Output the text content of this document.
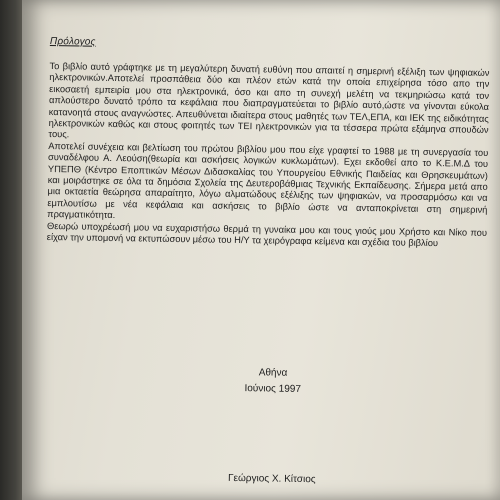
Πρόλογος

Το βιβλίο αυτό γράφτηκε με τη μεγαλύτερη δυνατή ευθύνη που απαιτεί η σημερινή εξέλιξη των ψηφιακών ηλεκτρονικών.Αποτελεί προσπάθεια δύο και πλέον ετών κατά την οποία επιχείρησα τόσο απο την εικοσαετή εμπειρία μου στα ηλεκτρονικά, όσο και απο τη συνεχή μελέτη να τεκμηριώσω κατά τον απλούστερο δυνατό τρόπο τα κεφάλαια που διαπραγματεύεται το βιβλίο αυτό,ώστε να γίνονται εύκολα κατανοητά στους αναγνώστες. Απευθύνεται ιδιαίτερα στους μαθητές των ΤΕΛ,ΕΠΑ, και ΙΕΚ της ειδικότητας ηλεκτρονικών καθώς και στους φοιτητές των ΤΕΙ ηλεκτρονικών για τα τέσσερα πρώτα εξάμηνα σπουδών τους.

Αποτελεί συνέχεια και βελτίωση του πρώτου βιβλίου μου που είχε γραφτεί το 1988 με τη συνεργασία του συναδέλφου Α. Λεούση(θεωρία και ασκήσεις λογικών κυκλωμάτων). Εχει εκδοθεί απο το Κ.Ε.Μ.Δ του ΥΠΕΠΘ (Κέντρο Εποπτικών Μέσων Διδασκαλίας του Υπουργείου Εθνικής Παιδείας και Θρησκευμάτων) και μοιράστηκε σε όλα τα δημόσια Σχολεία της Δευτεροβάθμιας Τεχνικής Εκπαίδευσης. Σήμερα μετά απο μια οκταετία θεώρησα απαραίτητο, λόγω αλματώδους εξέλιξης των ψηφιακών, να προσαρμόσω και να εμπλουτίσω με νέα κεφάλαια και ασκήσεις το βιβλίο ώστε να ανταποκρίνεται στη σημερινή πραγματικότητα.

Θεωρώ υποχρέωσή μου να ευχαριστήσω θερμά τη γυναίκα μου και τους γιούς μου Χρήστο και Νίκο που είχαν την υπομονή να εκτυπώσουν μέσω του Η/Υ τα χειρόγραφα κείμενα και σχέδια του βιβλίου

Αθήνα
Ιούνιος 1997
Γεώργιος Χ. Κίτσιος
